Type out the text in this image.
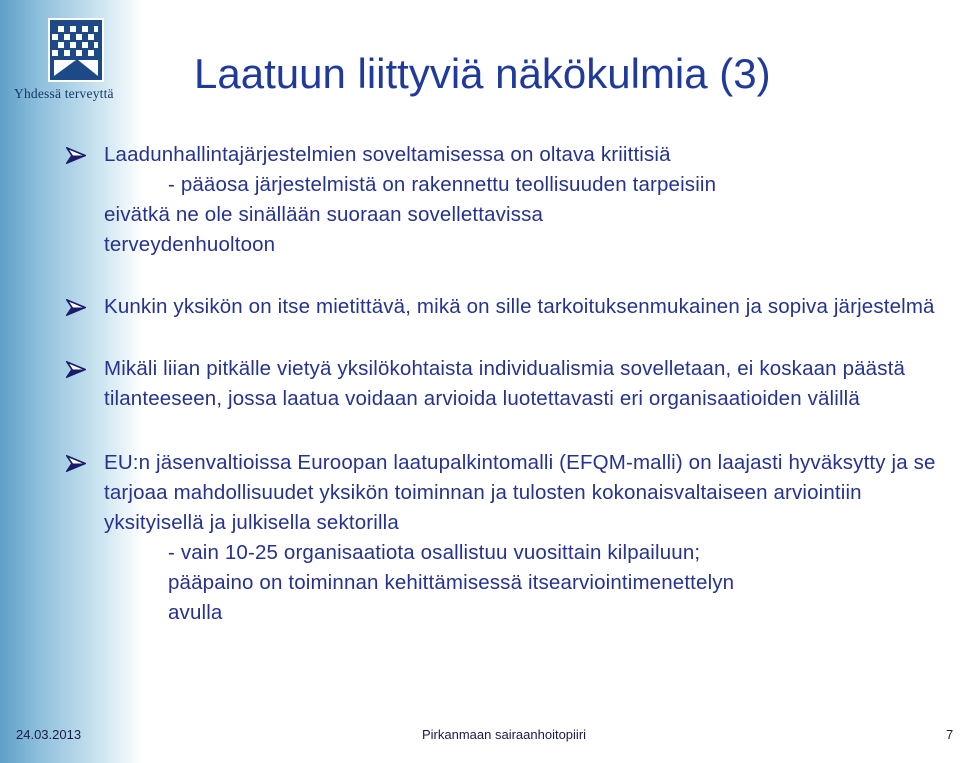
Yhdessä terveyttä	Laatuun liittyviä näkökulmia (3)

Laadunhallintajärjestelmien soveltamisessa on oltava kriittisiä

- pääosa järjestelmistä on rakennettu teollisuuden tarpeisiin
eivätkä ne ole sinällään suoraan sovellettavissa
terveydenhuoltoon

Kunkin yksikön on itse mietittävä, mikä on sille tarkoituksenmukainen ja sopiva järjestelmä

Mikäli liian pitkälle vietyä yksilökohtaista individualismia sovelletaan, ei koskaan päästä tilanteeseen, jossa laatua voidaan arvioida luotettavasti eri organisaatioiden välillä

EU:n jäsenvaltioissa Euroopan laatupalkintomalli (EFQM-malli) on laajasti hyväksytty ja se tarjoaa mahdollisuudet yksikön toiminnan ja tulosten kokonaisvaltaiseen arviointiin yksityisellä ja julkisella sektorilla

- vain 10-25 organisaatiota osallistuu vuosittain kilpailuun;
pääpaino on toiminnan kehittämisessä itsearviointimenettelyn
avulla

24.03.2013	Pirkanmaan sairaanhoitopiiri	7
